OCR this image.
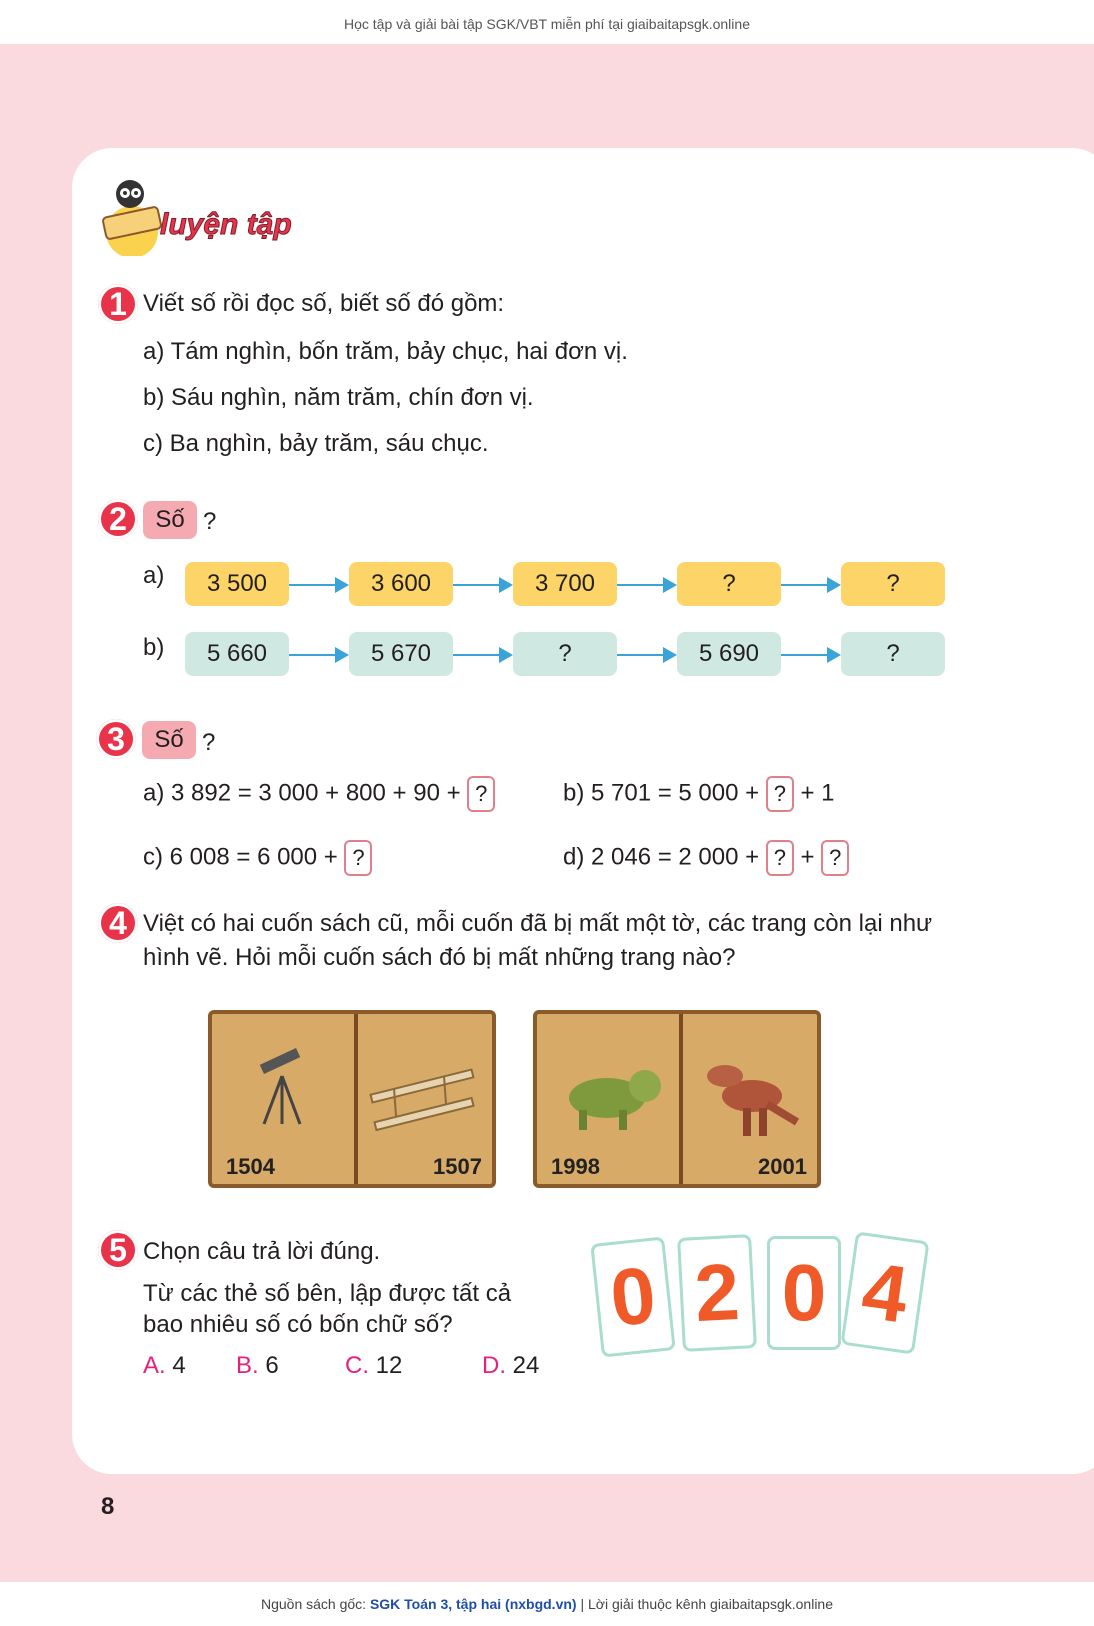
Học tập và giải bài tập SGK/VBT miễn phí tại giaibaitapsgk.online
luyện tập
1 Viết số rồi đọc số, biết số đó gồm:
a) Tám nghìn, bốn trăm, bảy chục, hai đơn vị.
b) Sáu nghìn, năm trăm, chín đơn vị.
c) Ba nghìn, bảy trăm, sáu chục.
2	Số ?
a)	3 500	3 600	3 700	?	?
b)	5 660	5 670	?	5 690	?
3	Số ?
a) 3 892 = 3 000 + 800 + 90 + ?	b) 5 701 = 5 000 + ? + 1
c) 6 008 = 6 000 + ?	d) 2 046 = 2 000 + ? + ?
4 Việt có hai cuốn sách cũ, mỗi cuốn đã bị mất một tờ, các trang còn lại như
hình vẽ. Hỏi mỗi cuốn sách đó bị mất những trang nào?
1504	1507	1998	2001
5 Chọn câu trả lời đúng.
Từ các thẻ số bên, lập được tất cả
bao nhiêu số có bốn chữ số?
A. 4 B. 6	C. 12	D. 24
0 2 0 4
8
Nguồn sách gốc: SGK Toán 3, tập hai (nxbgd.vn) | Lời giải thuộc kênh giaibaitapsgk.online
